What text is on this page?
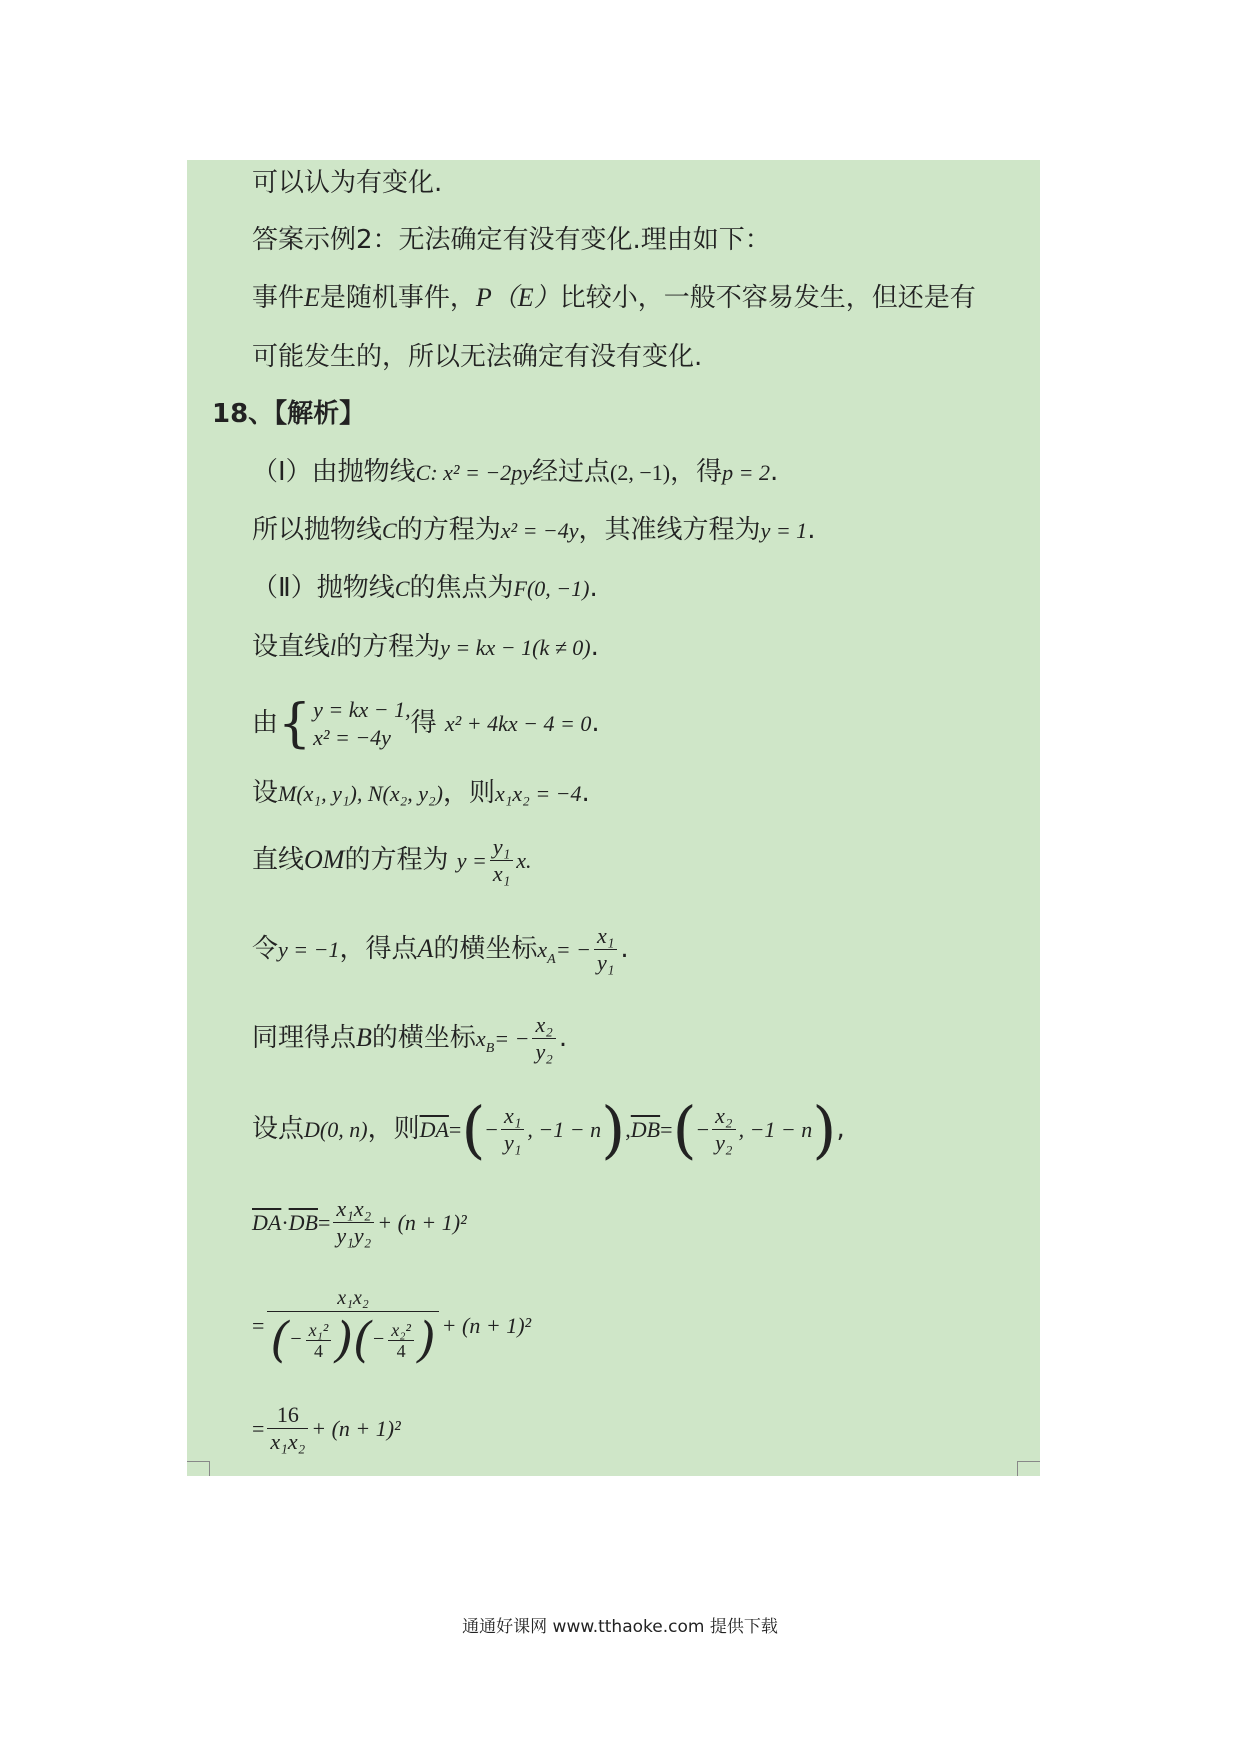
可以认为有变化.
答案示例2：无法确定有没有变化.理由如下：
事件E是随机事件，P（E）比较小，一般不容易发生，但还是有
可能发生的，所以无法确定有没有变化.
18、【解析】
（Ⅰ）由抛物线C: x² = −2py经过点(2, −1)，得p = 2.
所以抛物线C的方程为x² = −4y，其准线方程为y = 1.
（Ⅱ）抛物线C的焦点为F(0, −1).
设直线l的方程为y = kx − 1(k ≠ 0).
由{ y = kx − 1,
x² = −4y 得 x² + 4kx − 4 = 0.
设M(x₁, y₁), N(x₂, y₂)，则x₁x₂ = −4.
直线OM的方程为 $y = \frac{\text{y₁}}{\text{x₁}} x$.
令y = −1，得点A的横坐标$x_A= - \frac{\text{x₁}}{\text{y₁}}$ .
同理得点B的横坐标$x_B= - \frac{\text{x₂}}{\text{y₂}}$ .
设点D(0, n)，则$\overline{DA}=(- \frac{\text{x₁}}{\text{y₁}}$ , $-1 - n),\overline{DB}=(- \frac{\text{x₂}}{\text{y₂}}$ , −1 − n),
$\overline{DA}\cdot\overline{DB}= \frac{\text{x₁x₂}}{\text{y₁y₂}} + (n + 1)^2$
= $\frac{\text{x₁x₂}}{(- \frac{\text{x₁²}}{4} )(- \frac{\text{x₂²}}{4} )} + (n + 1)^2$
= $\frac{16}{\text{x₁x₂}} + (n + 1)^2$
通通好课网 www.tthaoke.com 提供下载
